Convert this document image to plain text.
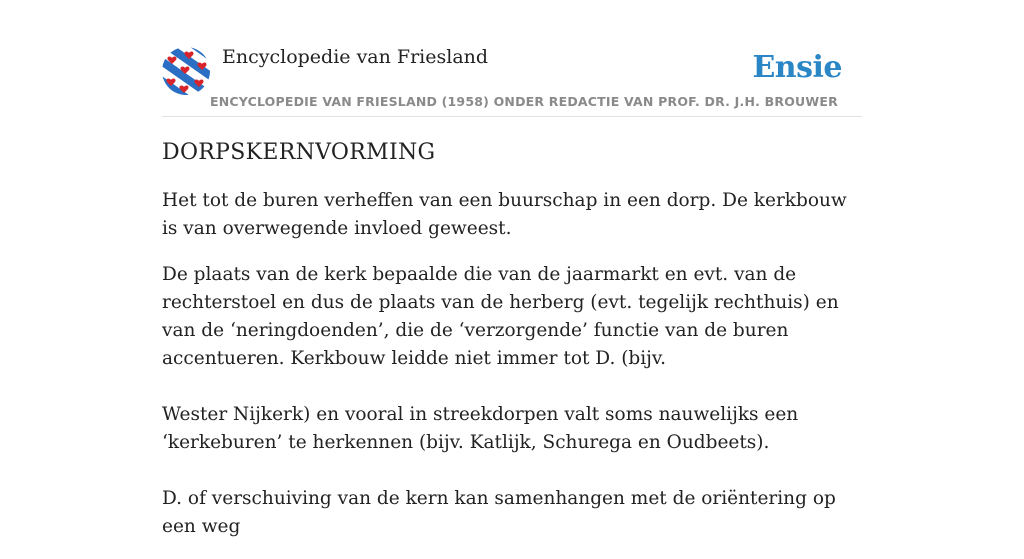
Encyclopedie van Friesland
ENCYCLOPEDIE VAN FRIESLAND (1958) ONDER REDACTIE VAN PROF. DR. J.H. BROUWER
Ensie
DORPSKERNVORMING

Het tot de buren verheffen van een buurschap in een dorp. De kerkbouw is van overwegende invloed geweest.

De plaats van de kerk bepaalde die van de jaarmarkt en evt. van de rechterstoel en dus de plaats van de herberg (evt. tegelijk rechthuis) en van de ‘neringdoenden’, die de ‘verzorgende’ functie van de buren accentueren. Kerkbouw leidde niet immer tot D. (bijv.

Wester Nijkerk) en vooral in streekdorpen valt soms nauwelijks een ‘kerkeburen’ te herkennen (bijv. Katlijk, Schurega en Oudbeets).

D. of verschuiving van de kern kan samenhangen met de oriëntering op een weg
